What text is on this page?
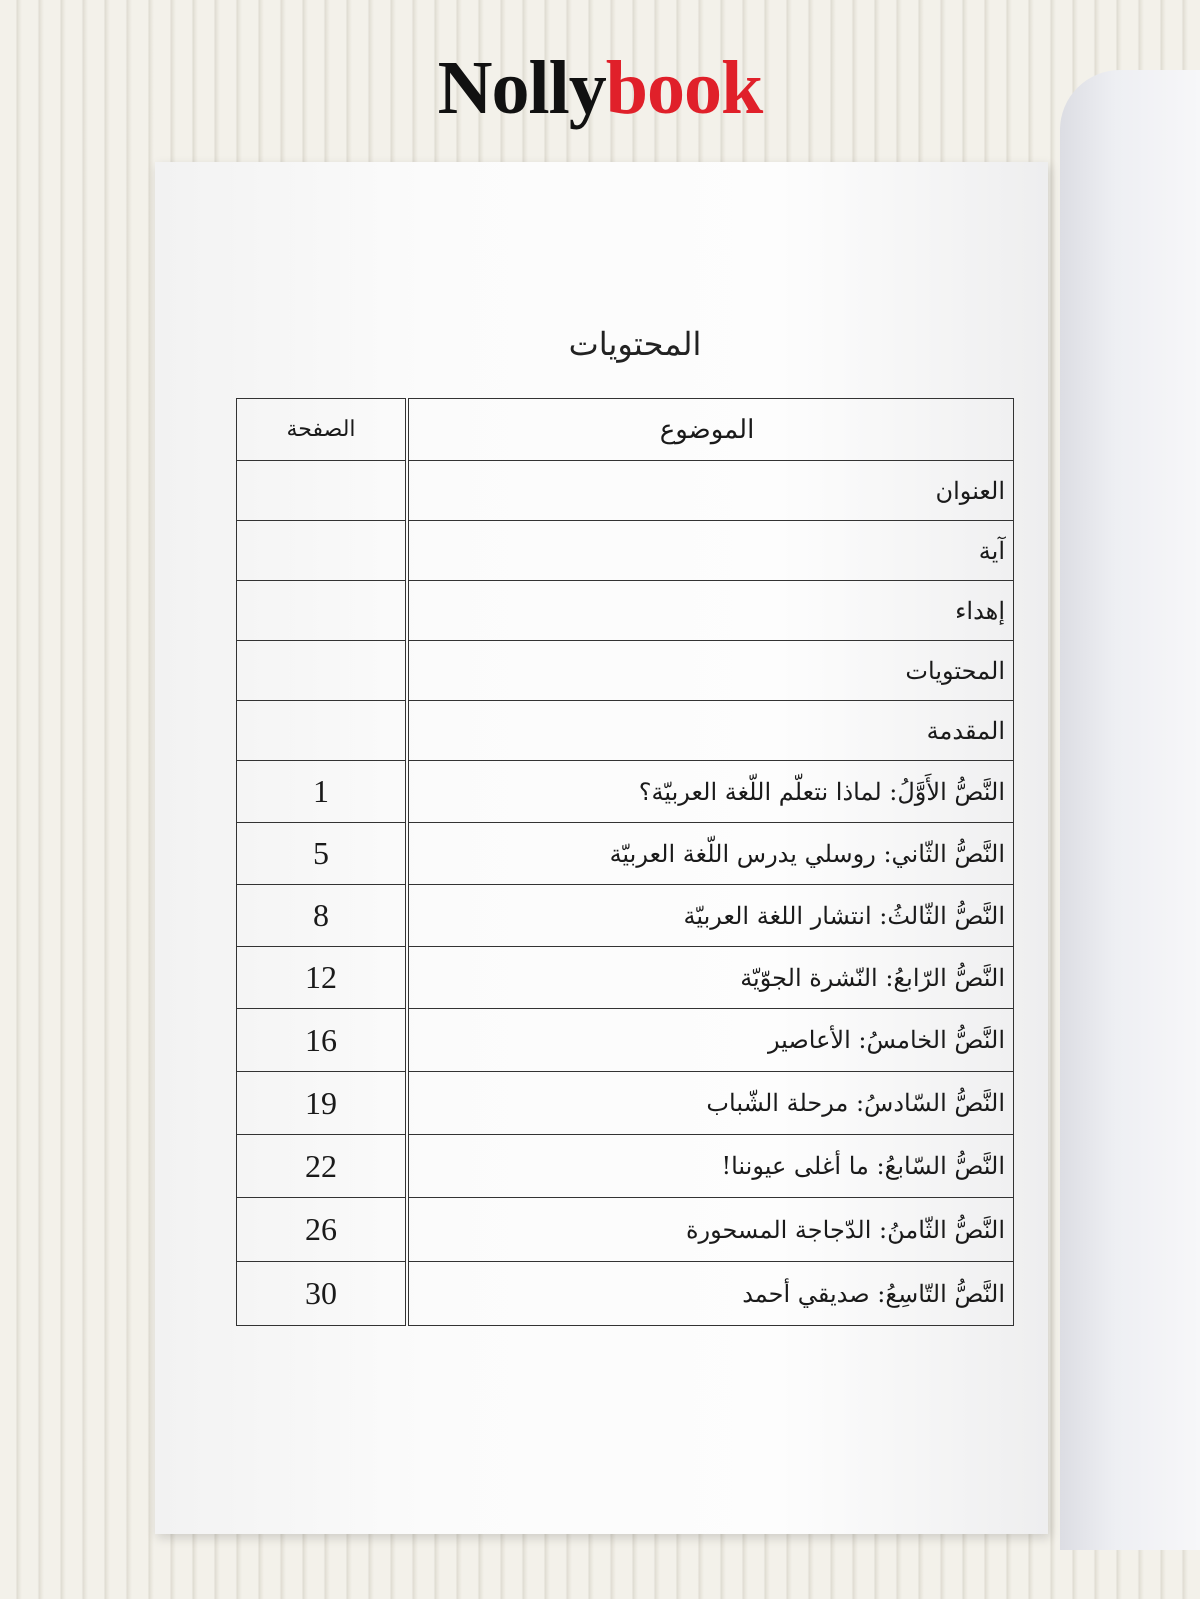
Nollybook
المحتويات
الموضوع
العنوان
آية
إهداء
المحتويات
المقدمة
النَّصُّ الأَوَّلُ: لماذا نتعلّم اللّغة العربيّة؟
النَّصُّ الثّاني: روسلي يدرس اللّغة العربيّة
النَّصُّ الثّالثُ: انتشار اللغة العربيّة
النَّصُّ الرّابعُ: النّشرة الجوّيّة
النَّصُّ الخامسُ: الأعاصير
النَّصُّ السّادسُ: مرحلة الشّباب
النَّصُّ السّابعُ: ما أغلى عيوننا!
النَّصُّ الثّامنُ: الدّجاجة المسحورة
النَّصُّ التّاسِعُ: صديقي أحمد
الصفحة
1
5
8
12
16
19
22
26
30
